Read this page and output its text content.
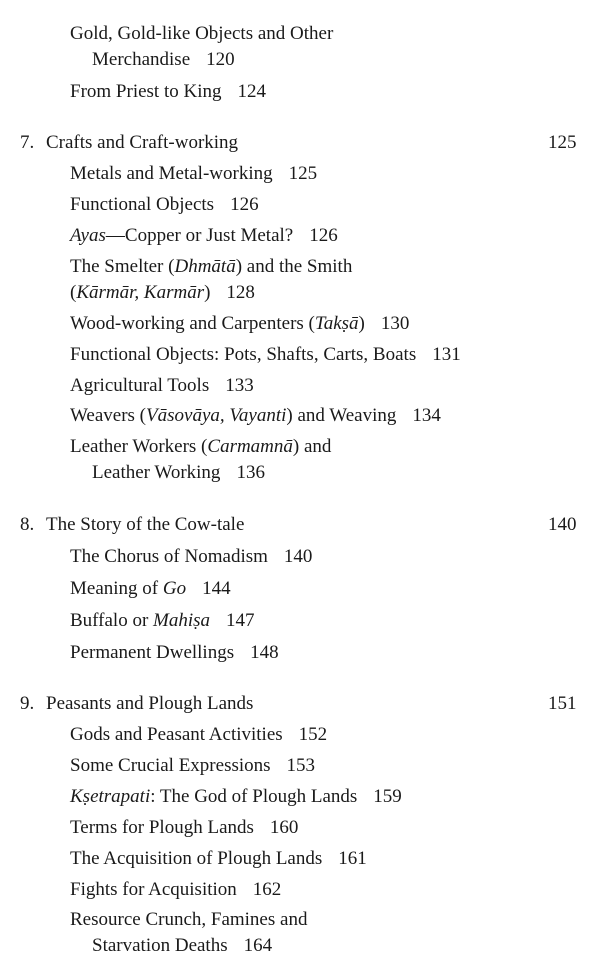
Gold, Gold-like Objects and Other
Merchandise 120
From Priest to King 124
7. Crafts and Craft-working	125
Metals and Metal-working 125
Functional Objects 126
Ayas—Copper or Just Metal? 126
The Smelter (Dhmātā) and the Smith
(Kārmār, Karmār) 128
Wood-working and Carpenters (Takṣā) 130
Functional Objects: Pots, Shafts, Carts, Boats 131
Agricultural Tools 133
Weavers (Vāsovāya, Vayanti) and Weaving 134
Leather Workers (Carmamnā) and
Leather Working 136
8. The Story of the Cow-tale	140
The Chorus of Nomadism 140
Meaning of Go 144
Buffalo or Mahiṣa 147
Permanent Dwellings 148
9. Peasants and Plough Lands	151
Gods and Peasant Activities 152
Some Crucial Expressions 153
Kṣetrapati: The God of Plough Lands 159
Terms for Plough Lands 160
The Acquisition of Plough Lands 161
Fights for Acquisition 162
Resource Crunch, Famines and
Starvation Deaths 164
